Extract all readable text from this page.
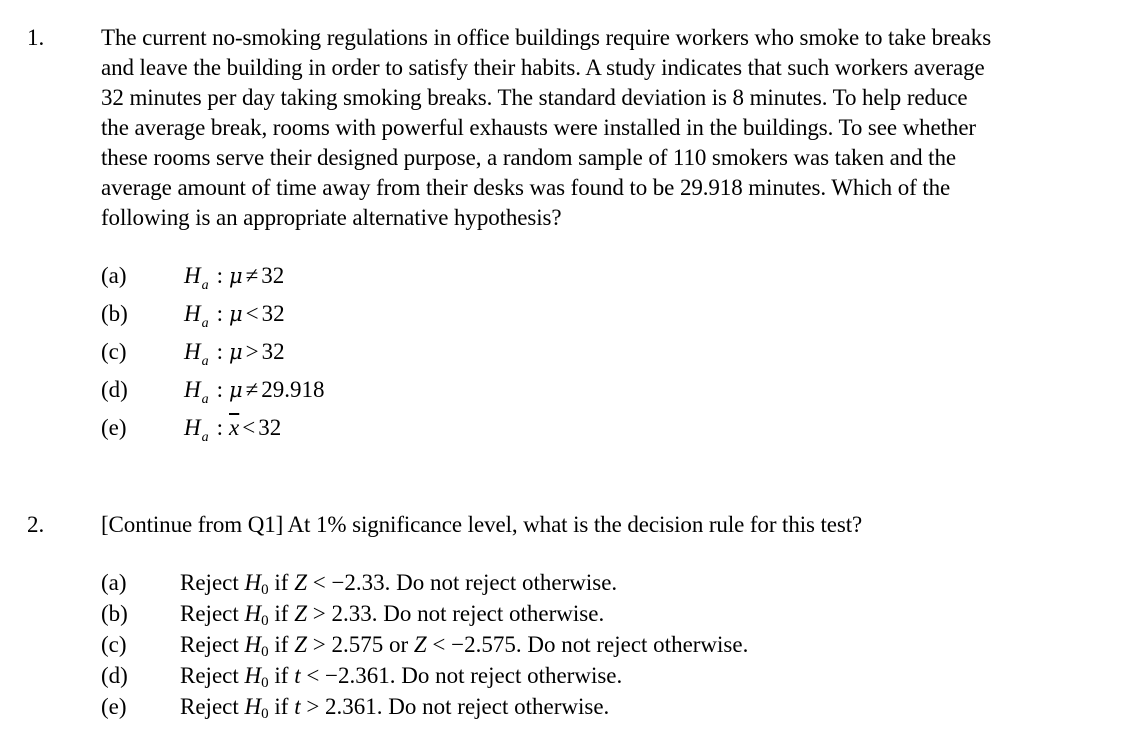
1. The current no-smoking regulations in office buildings require workers who smoke to take breaks
and leave the building in order to satisfy their habits. A study indicates that such workers average
32 minutes per day taking smoking breaks. The standard deviation is 8 minutes. To help reduce
the average break, rooms with powerful exhausts were installed in the buildings. To see whether
these rooms serve their designed purpose, a random sample of 110 smokers was taken and the
average amount of time away from their desks was found to be 29.918 minutes. Which of the
following is an appropriate alternative hypothesis?
(a) $H_a$ : μ ≠ 32
(b) $H_a$ : μ < 32
(c) $H_a$ : μ > 32
(d) $H_a$ : μ ≠ 29.918
(e) $H_a$ : $\overline{x} < 32$
2. [Continue from Q1] At 1% significance level, what is the decision rule for this test?
(a) Reject H0 if Z < −2.33. Do not reject otherwise.
(b) Reject H0 if Z > 2.33. Do not reject otherwise.
(c) Reject H0 if Z > 2.575 or Z < −2.575. Do not reject otherwise.
(d) Reject H0 if t < −2.361. Do not reject otherwise.
(e) Reject H0 if t > 2.361. Do not reject otherwise.
